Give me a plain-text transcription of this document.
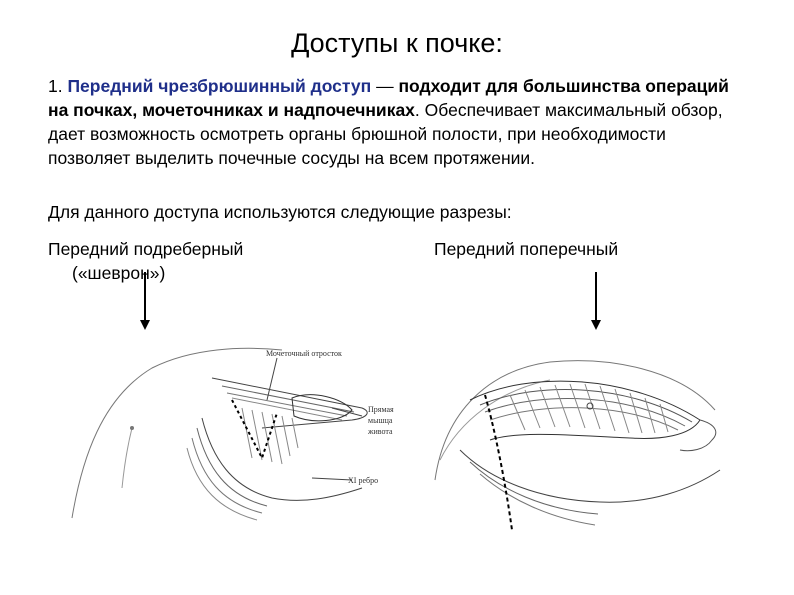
Доступы к почке:
1. Передний чрезбрюшинный доступ — подходит для большинства операций на почках, мочеточниках и надпочечниках. Обеспечивает максимальный обзор, дает возможность осмотреть органы брюшной полости, при необходимости позволяет выделить почечные сосуды на всем протяжении.
Для данного доступа используются следующие разрезы:
Передний подреберный
(«шеврон»)
Передний поперечный
Мочеточный отросток
Прямая
мышца
живота
XI ребро
